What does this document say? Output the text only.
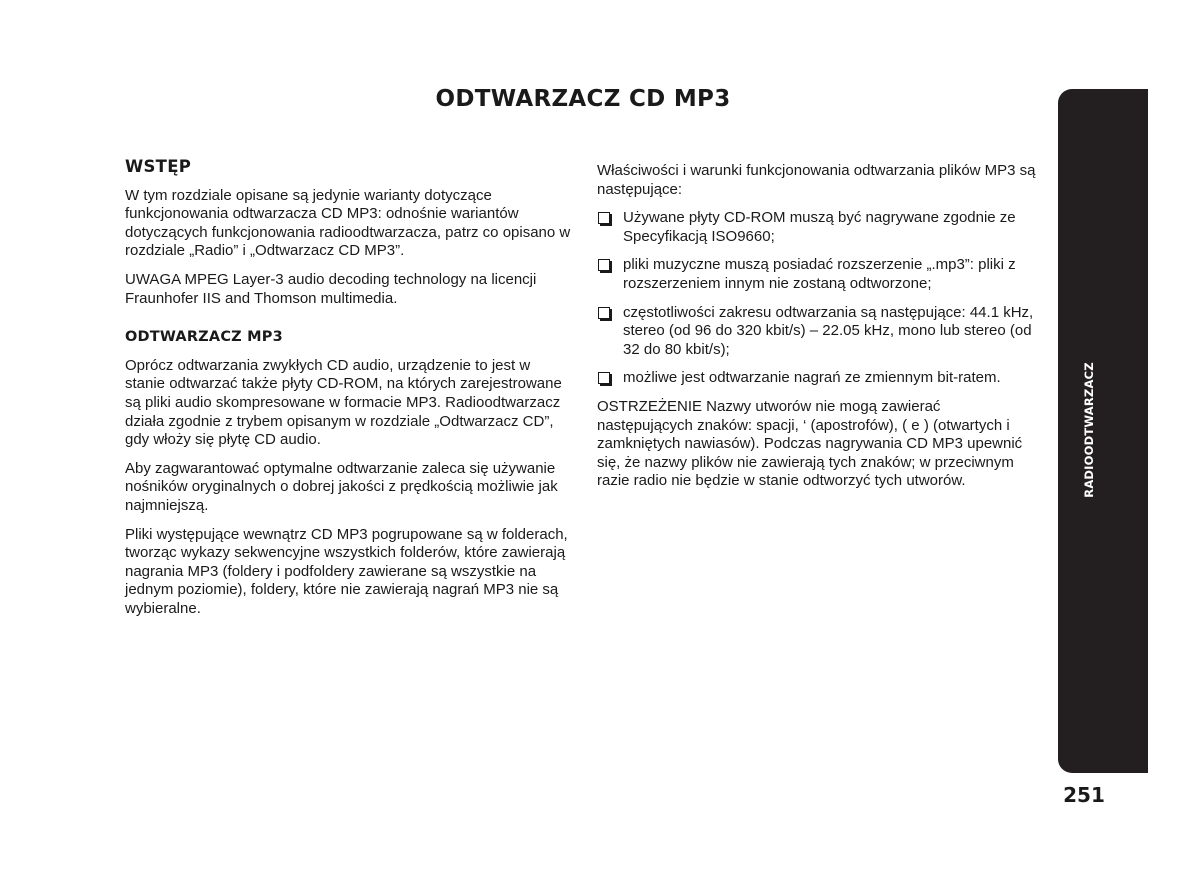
ODTWARZACZ CD MP3
WSTĘP

W tym rozdziale opisane są jedynie warianty dotyczące funkcjonowania odtwarzacza CD MP3: odnośnie wariantów dotyczących funkcjonowania radioodtwarzacza, patrz co opisano w rozdziale „Radio” i „Odtwarzacz CD MP3”.

UWAGA MPEG Layer-3 audio decoding technology na licencji Fraunhofer IIS and Thomson multimedia.

ODTWARZACZ MP3

Oprócz odtwarzania zwykłych CD audio, urządzenie to jest w stanie odtwarzać także płyty CD-ROM, na których zarejestrowane są pliki audio skompresowane w formacie MP3. Radioodtwarzacz działa zgodnie z trybem opisanym w rozdziale „Odtwarzacz CD”, gdy włoży się płytę CD audio.

Aby zagwarantować optymalne odtwarzanie zaleca się używanie nośników oryginalnych o dobrej jakości z prędkością możliwie jak najmniejszą.

Pliki występujące wewnątrz CD MP3 pogrupowane są w folderach, tworząc wykazy sekwencyjne wszystkich folderów, które zawierają nagrania MP3 (foldery i podfoldery zawierane są wszystkie na jednym poziomie), foldery, które nie zawierają nagrań MP3 nie są wybieralne.

Właściwości i warunki funkcjonowania odtwarzania plików MP3 są następujące:

Używane płyty CD-ROM muszą być nagrywane zgodnie ze Specyfikacją ISO9660;
pliki muzyczne muszą posiadać rozszerzenie „.mp3”: pliki z rozszerzeniem innym nie zostaną odtworzone;
częstotliwości zakresu odtwarzania są następujące: 44.1 kHz, stereo (od 96 do 320 kbit/s) – 22.05 kHz, mono lub stereo (od 32 do 80 kbit/s);
możliwe jest odtwarzanie nagrań ze zmiennym bit-ratem.

OSTRZEŻENIE Nazwy utworów nie mogą zawierać następujących znaków: spacji, ‘ (apostrofów), ( e ) (otwartych i zamkniętych nawiasów). Podczas nagrywania CD MP3 upewnić się, że nazwy plików nie zawierają tych znaków; w przeciwnym razie radio nie będzie w stanie odtworzyć tych utworów.	RADIOODTWARZACZ
251
